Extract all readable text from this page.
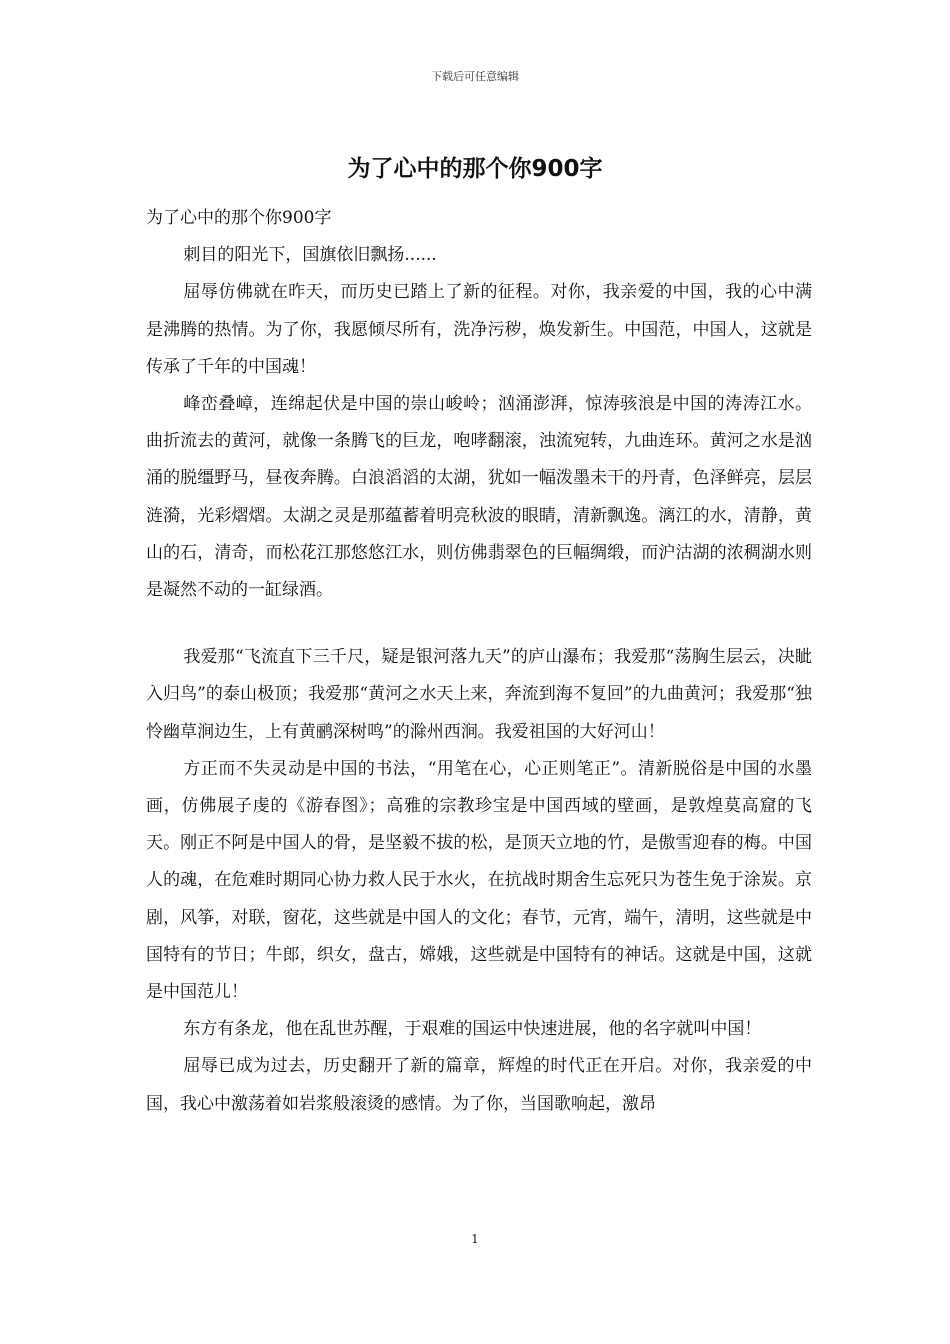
下载后可任意编辑
为了心中的那个你900字

为了心中的那个你900字

刺目的阳光下，国旗依旧飘扬......

屈辱仿佛就在昨天，而历史已踏上了新的征程。对你，我亲爱的中国，我的心中满是沸腾的热情。为了你，我愿倾尽所有，洗净污秽，焕发新生。中国范，中国人，这就是传承了千年的中国魂！

峰峦叠嶂，连绵起伏是中国的崇山峻岭；汹涌澎湃，惊涛骇浪是中国的涛涛江水。曲折流去的黄河，就像一条腾飞的巨龙，咆哮翻滚，浊流宛转，九曲连环。黄河之水是汹涌的脱缰野马，昼夜奔腾。白浪滔滔的太湖，犹如一幅泼墨未干的丹青，色泽鲜亮，层层涟漪，光彩熠熠。太湖之灵是那蕴蓄着明亮秋波的眼睛，清新飘逸。漓江的水，清静，黄山的石，清奇，而松花江那悠悠江水，则仿佛翡翠色的巨幅绸缎，而沪沽湖的浓稠湖水则是凝然不动的一缸绿酒。

我爱那“飞流直下三千尺，疑是银河落九天”的庐山瀑布；我爱那“荡胸生层云，决眦入归鸟”的泰山极顶；我爱那“黄河之水天上来，奔流到海不复回”的九曲黄河；我爱那“独怜幽草涧边生，上有黄鹂深树鸣”的滁州西涧。我爱祖国的大好河山！

方正而不失灵动是中国的书法，“用笔在心，心正则笔正”。清新脱俗是中国的水墨画，仿佛展子虔的《游春图》；高雅的宗教珍宝是中国西域的壁画，是敦煌莫高窟的飞天。刚正不阿是中国人的骨，是坚毅不拔的松，是顶天立地的竹，是傲雪迎春的梅。中国人的魂，在危难时期同心协力救人民于水火，在抗战时期舍生忘死只为苍生免于涂炭。京剧，风筝，对联，窗花，这些就是中国人的文化；春节，元宵，端午，清明，这些就是中国特有的节日；牛郎，织女，盘古，嫦娥，这些就是中国特有的神话。这就是中国，这就是中国范儿！

东方有条龙，他在乱世苏醒，于艰难的国运中快速进展，他的名字就叫中国！

屈辱已成为过去，历史翻开了新的篇章，辉煌的时代正在开启。对你，我亲爱的中国，我心中激荡着如岩浆般滚烫的感情。为了你，当国歌响起，激昂

1
